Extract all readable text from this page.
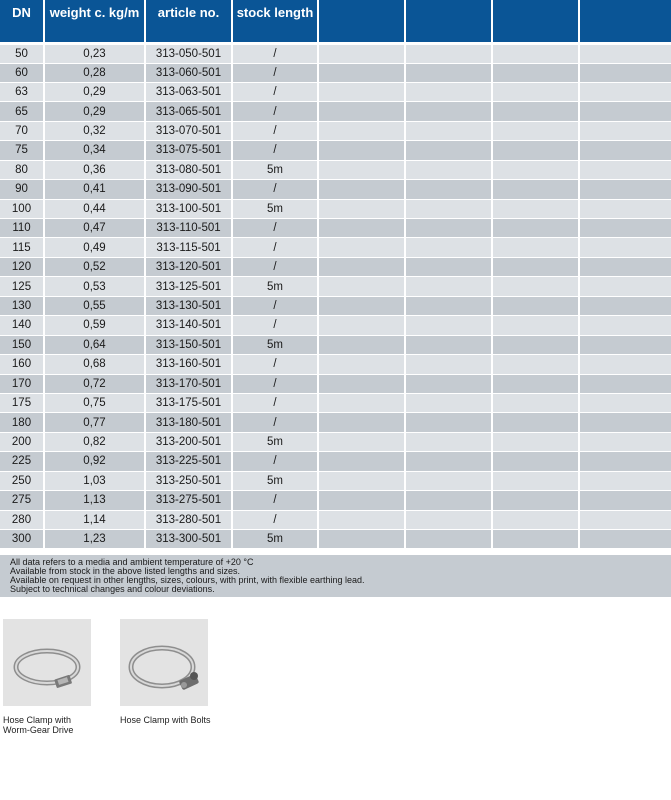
DN	weight c. kg/m	article no.	stock length				
50	0,23	313-050-501	/				
60	0,28	313-060-501	/				
63	0,29	313-063-501	/				
65	0,29	313-065-501	/				
70	0,32	313-070-501	/				
75	0,34	313-075-501	/				
80	0,36	313-080-501	5m				
90	0,41	313-090-501	/				
100	0,44	313-100-501	5m				
110	0,47	313-110-501	/				
115	0,49	313-115-501	/				
120	0,52	313-120-501	/				
125	0,53	313-125-501	5m				
130	0,55	313-130-501	/				
140	0,59	313-140-501	/				
150	0,64	313-150-501	5m				
160	0,68	313-160-501	/				
170	0,72	313-170-501	/				
175	0,75	313-175-501	/				
180	0,77	313-180-501	/				
200	0,82	313-200-501	5m				
225	0,92	313-225-501	/				
250	1,03	313-250-501	5m				
275	1,13	313-275-501	/				
280	1,14	313-280-501	/				
300	1,23	313-300-501	5m				
All data refers to a media and ambient temperature of +20 °C
Available from stock in the above listed lengths and sizes.
Available on request in other lengths, sizes, colours, with print, with flexible earthing lead.
Subject to technical changes and colour deviations.
Hose Clamp with
Worm-Gear Drive
Hose Clamp with Bolts
